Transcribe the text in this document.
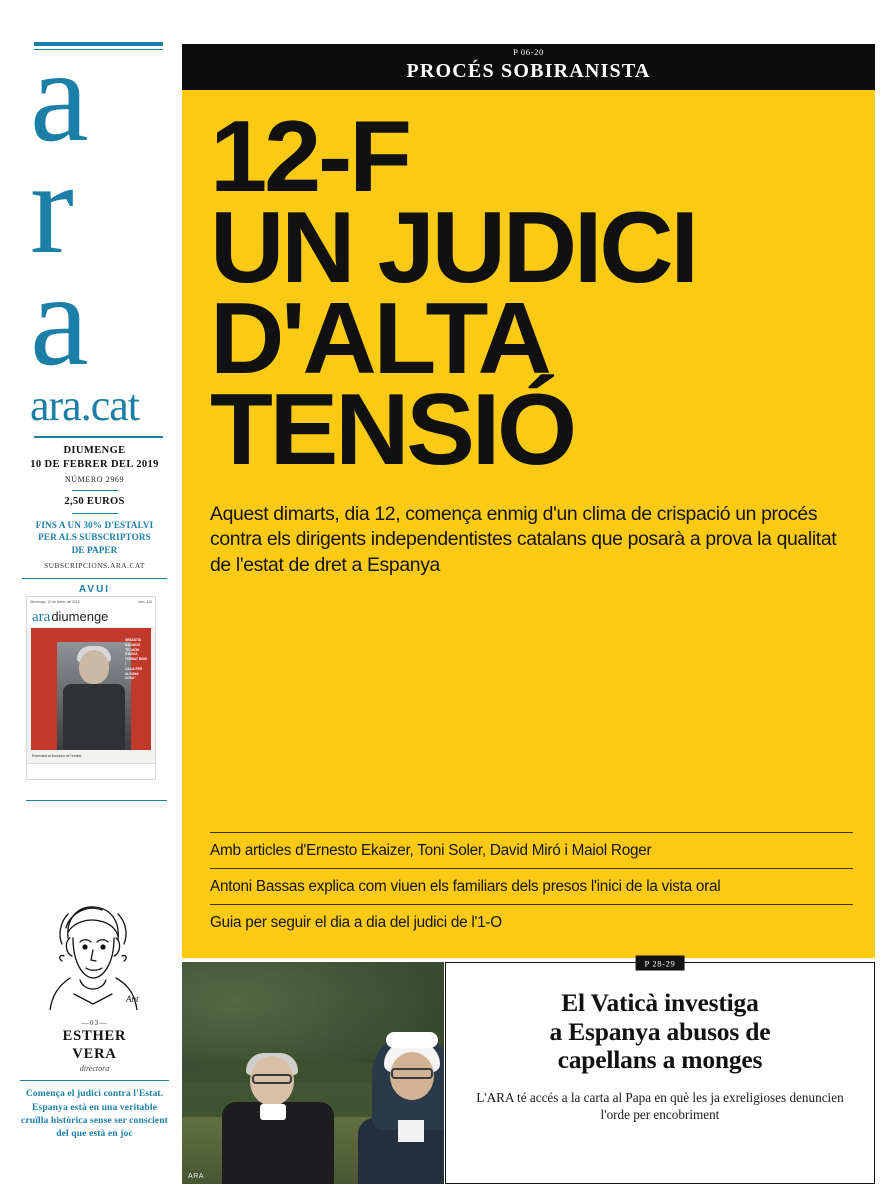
a
r
a
ara.cat
DIUMENGE
10 DE FEBRER DEL 2019
NÚMERO 2969
2,50 EUROS
FINS A UN 30% D'ESTALVI
PER ALS SUBSCRIPTORS
DE PAPER
SUBSCRIPCIONS.ARA.CAT
AVUI
Diumenge, 10 de febrer del 2019	núm. 340
ara diumenge
SEBASTIÀ
SALVADÓ
"EL MÓN S'HAVIA
TORNAT BOIG I
CALIA FER ALGUNA
COSA"
Entrevista al fundador de l'entitat
Ant
—03—
ESTHER
VERA
directora
Comença el judici contra l'Estat. Espanya està en una veritable cruïlla històrica sense ser conscient del que està en joc
P 06-20
PROCÉS SOBIRANISTA
12-F
UN JUDICI
D'ALTA
TENSIÓ
Aquest dimarts, dia 12, comença enmig d'un clima de crispació un procés contra els dirigents independentistes catalans que posarà a prova la qualitat de l'estat de dret a Espanya
Amb articles d'Ernesto Ekaizer, Toni Soler, David Miró i Maiol Roger
Antoni Bassas explica com viuen els familiars dels presos l'inici de la vista oral
Guia per seguir el dia a dia del judici de l'1-O
ARA
P 28-29
El Vaticà investiga
a Espanya abusos de
capellans a monges
L'ARA té accés a la carta al Papa en què les ja exreligioses denuncien l'orde per encobriment
